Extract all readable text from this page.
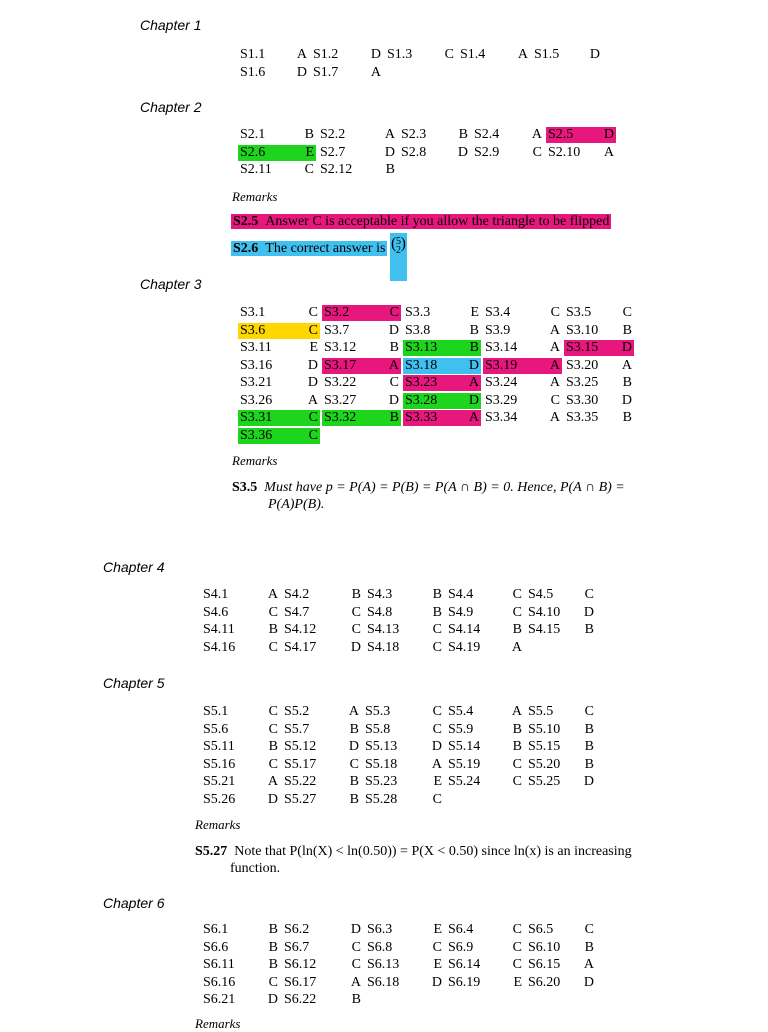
Chapter 1
Chapter 2
Chapter 3
Chapter 4
Chapter 5
Chapter 6
S1.1 A S1.2 D S1.3 C S1.4 A S1.5 D
S1.6 D S1.7 A
S2.1	B S2.2	A S2.3 B S2.4 A S2.5 D
S2.6	E S2.7	D S2.8 D S2.9 C S2.10 A
S2.11 C S2.12 B
S3.1	C S3.2	C S3.3	E S3.4	C S3.5 C
S3.6	C S3.7	D S3.8	B S3.9	A S3.10 B
S3.11	E S3.12 B S3.13 B S3.14 A S3.15 D
S3.16	D S3.17 A S3.18 D S3.19 A S3.20 A
S3.21	D S3.22 C S3.23 A S3.24 A S3.25 B
S3.26	A S3.27 D S3.28 D S3.29 C S3.30 D
S3.31	C S3.32 B S3.33 A S3.34 A S3.35 B
S3.36	C
S4.1	A S4.2	B S4.3	B S4.4	C S4.5 C
S4.6	C S4.7	C S4.8	B S4.9	C S4.10 D
S4.11 B S4.12	C S4.13 C S4.14 B S4.15 B
S4.16 C S4.17 D S4.18 C S4.19 A
S5.1	C S5.2	A S5.3	C S5.4	A S5.5 C
S5.6	C S5.7	B S5.8	C S5.9	B S5.10 B
S5.11 B S5.12 D S5.13 D S5.14 B S5.15 B
S5.16 C S5.17 C S5.18 A S5.19 C S5.20 B
S5.21 A S5.22 B S5.23	E S5.24 C S5.25 D
S5.26 D S5.27 B S5.28	C
S6.1	B S6.2	D S6.3	E S6.4	C S6.5 C
S6.6	B S6.7	C S6.8	C S6.9	C S6.10 B
S6.11 B S6.12	C S6.13 E S6.14 C S6.15 A
S6.16 C S6.17 A S6.18 D S6.19 E S6.20 D
S6.21 D S6.22	B
Remarks
S2.5 Answer C is acceptable if you allow the triangle to be flipped
S2.6 The correct answer is ( 5
2 )
Remarks
S3.5 Must have p = P(A) = P(B) = P(A ∩ B) = 0. Hence, P(A ∩ B) =
P(A)P(B).
Remarks
S5.27 Note that P(ln(X) < ln(0.50)) = P(X < 0.50) since ln(x) is an increasing
function.
Remarks
